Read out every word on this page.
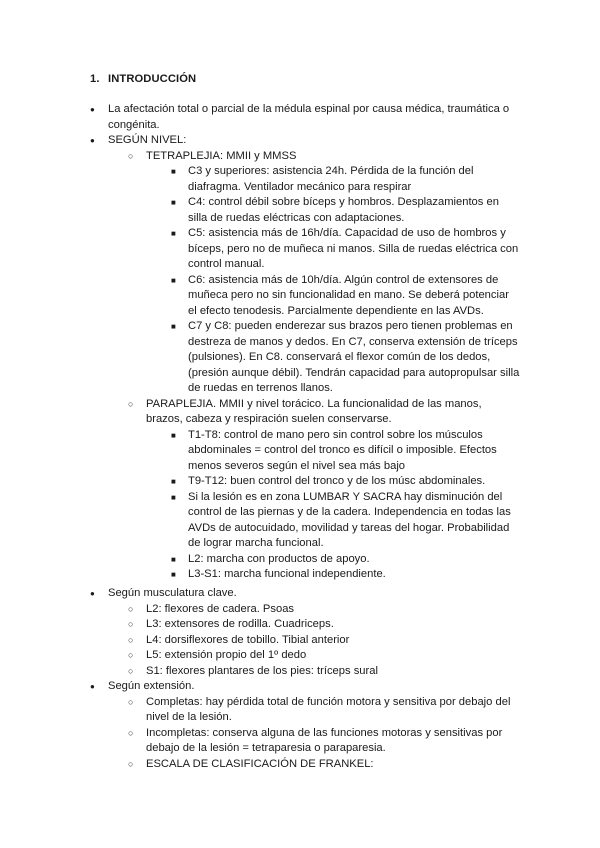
1. INTRODUCCIÓN
● La afectación total o parcial de la médula espinal por causa médica, traumática o congénita.
● SEGÚN NIVEL:
○ TETRAPLEJIA: MMII y MMSS
■ C3 y superiores: asistencia 24h. Pérdida de la función del diafragma. Ventilador mecánico para respirar
■ C4: control débil sobre bíceps y hombros. Desplazamientos en silla de ruedas eléctricas con adaptaciones.
■ C5: asistencia más de 16h/día. Capacidad de uso de hombros y bíceps, pero no de muñeca ni manos. Silla de ruedas eléctrica con control manual.
■ C6: asistencia más de 10h/día. Algún control de extensores de muñeca pero no sin funcionalidad en mano. Se deberá potenciar el efecto tenodesis. Parcialmente dependiente en las AVDs.
■ C7 y C8: pueden enderezar sus brazos pero tienen problemas en destreza de manos y dedos. En C7, conserva extensión de tríceps (pulsiones). En C8. conservará el flexor común de los dedos, (presión aunque débil). Tendrán capacidad para autopropulsar silla de ruedas en terrenos llanos.
○ PARAPLEJIA. MMII y nivel torácico. La funcionalidad de las manos, brazos, cabeza y respiración suelen conservarse.
■ T1-T8: control de mano pero sin control sobre los músculos abdominales = control del tronco es difícil o imposible. Efectos menos severos según el nivel sea más bajo
■ T9-T12: buen control del tronco y de los músc abdominales.
■ Si la lesión es en zona LUMBAR Y SACRA hay disminución del control de las piernas y de la cadera. Independencia en todas las AVDs de autocuidado, movilidad y tareas del hogar. Probabilidad de lograr marcha funcional.
■ L2: marcha con productos de apoyo.
■ L3-S1: marcha funcional independiente.
● Según musculatura clave.
○ L2: flexores de cadera. Psoas
○ L3: extensores de rodilla. Cuadriceps.
○ L4: dorsiflexores de tobillo. Tibial anterior
○ L5: extensión propio del 1º dedo
○ S1: flexores plantares de los pies: tríceps sural
● Según extensión.
○ Completas: hay pérdida total de función motora y sensitiva por debajo del nivel de la lesión.
○ Incompletas: conserva alguna de las funciones motoras y sensitivas por debajo de la lesión = tetraparesia o paraparesia.
○ ESCALA DE CLASIFICACIÓN DE FRANKEL:
